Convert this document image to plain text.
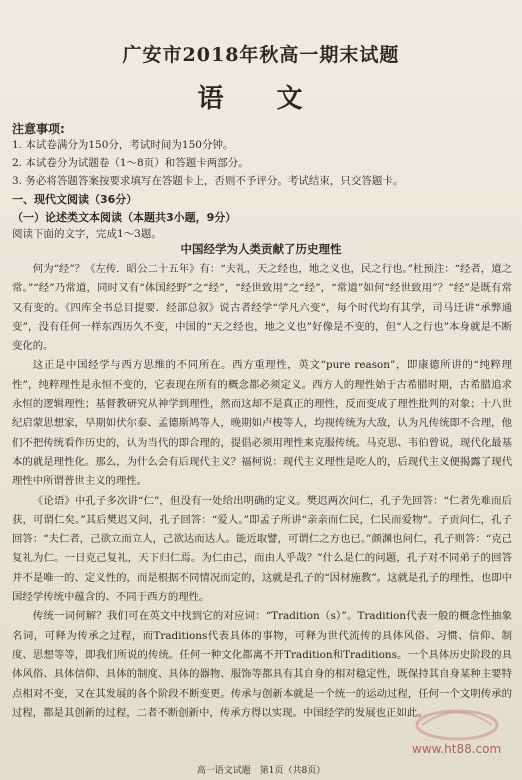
广安市2018年秋高一期末试题
语 文
注意事项:
1. 本试卷满分为150分，考试时间为150分钟。
2. 本试卷分为试题卷（1～8页）和答题卡两部分。
3. 务必将答题答案按要求填写在答题卡上，否则不予评分。考试结束，只交答题卡。
一、现代文阅读（36分）
（一）论述类文本阅读（本题共3小题，9分）
阅读下面的文字，完成1～3题。
中国经学为人类贡献了历史理性

何为“经”？《左传．昭公二十五年》有：“夫礼，天之经也，地之义也，民之行也。”杜预注：“经者，道之常。”“经”乃常道，同时又有“体国经野”之“经”，“经世致用”之“经”，“常道”如何“经世致用”？“经”是既有常又有变的。《四库全书总目提要．经部总叙》说古者经学“学凡六变”，每个时代均有其学，司马迁讲“承弊通变”，没有任何一样东西历久不变，中国的“天之经也，地之义也”好像是不变的，但“人之行也”本身就是不断变化的。

这正是中国经学与西方思维的不同所在。西方重理性，英文“pure reason”，即康德所讲的“纯粹理性”，纯粹理性是永恒不变的，它表现在所有的概念都必须定义。西方人的理性始于古希腊时期，古希腊追求永恒的逻辑理性；基督教研究从神学到理性，然而这却不是真正的理性，反而变成了理性批判的对象；十八世纪启蒙思想家，早期如伏尔泰、孟德斯鸠等人，晚期如卢梭等人，均视传统为大敌，认为凡传统即不合理，他们不把传统看作历史的，认为当代的即合理的，提倡必须用理性来克服传统。马克思、韦伯曾说，现代化最基本的就是理性化。那么，为什么会有后现代主义？福柯说：现代主义理性是吃人的，后现代主义便揭露了现代理性中所谓普世主义的理性。

《论语》中孔子多次讲“仁”，但没有一处给出明确的定义。樊迟两次问仁，孔子先回答：“仁者先难而后获，可谓仁矣。”其后樊迟又问，孔子回答：“爱人。”即孟子所讲“亲亲而仁民，仁民而爱物”。子贡问仁，孔子回答：“夫仁者，己欲立而立人，己欲达而达人。能近取譬，可谓仁之方也已。”颜渊也问仁，孔子则答：“克己复礼为仁。一日克己复礼，天下归仁焉。为仁由己，而由人乎哉？”什么是仁的问题，孔子对不同弟子的回答并不是唯一的、定义性的，而是根据不同情况而定的，这就是孔子的“因材施教”。这就是孔子的理性，也即中国经学传统中蕴含的、不同于西方的理性。

传统一词何解？我们可在英文中找到它的对应词：“Tradition（s）”。Tradition代表一般的概念性抽象名词，可释为传承之过程，而Traditions代表具体的事物，可释为世代流传的具体风俗、习惯、信仰、制度、思想等等，即我们所说的传统。任何一种文化都离不开Tradition和Traditions。一个具体历史阶段的具体风俗、具体信仰、具体的制度、具体的器物、服饰等都具有其自身的相对稳定性，既保持其自身某种主要特点相对不变，又在其发展的各个阶段不断变更。传承与创新本就是一个统一的运动过程，任何一个文明传承的过程，都是其创新的过程，二者不断创新中，传承方得以实现。中国经学的发展也正如此。

www.ht88.com
高一语文试题　第1页（共8页）
